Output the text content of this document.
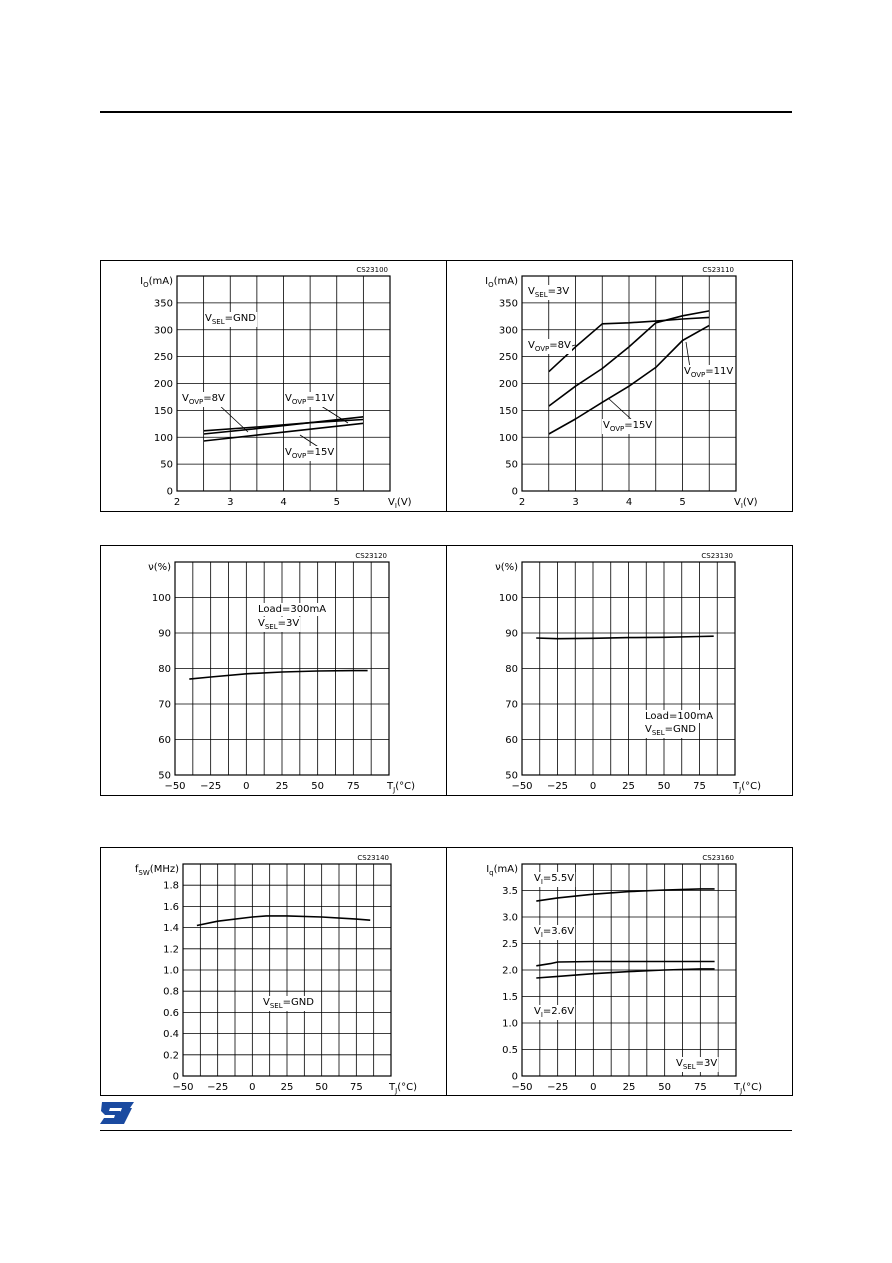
0
50
100
150
200
250
300
350
2	3	4	5
$I_O(mA)$
$V_I(V)$
CS23100
$V_{SEL}=GND$
$V_{OVP}=8V$	$V_{OVP}=11V$
$V_{OVP}=15V$
0
50
100
150
200
250
300
350
2	3	4	5
$I_O(mA)$
$V_I(V)$
CS23110
$V_{SEL}=3V$
$V_{OVP}=8V$
$V_{OVP}=11V$
$V_{OVP}=15V$
50
60
70
80
90
100
−50 −25 0	25 50 75
ν(%)
$T_J(^\circ C)$
CS23120
Load=300mA
$V_{SEL}=3V$
50
60
70
80
90
100
−50 −25 0	25 50 75
ν(%)
$T_J(^\circ C)$
CS23130
Load=100mA
$V_{SEL}=GND$
0
0.2
0.4
0.6
0.8
1.0
1.2
1.4
1.6
1.8
−50 −25 0	25 50 75
$f_{SW}(MHz)$
$T_J(^\circ C)$
CS23140
$V_{SEL}=GND$
0
0.5
1.0
1.5
2.0
2.5
3.0
3.5
−50 −25 0	25 50 75
$I_q(mA)$
$T_J(^\circ C)$
CS23160
$V_I=5.5V$
$V_I=3.6V$
$V_I=2.6V$
$V_{SEL}=3V$
ST
